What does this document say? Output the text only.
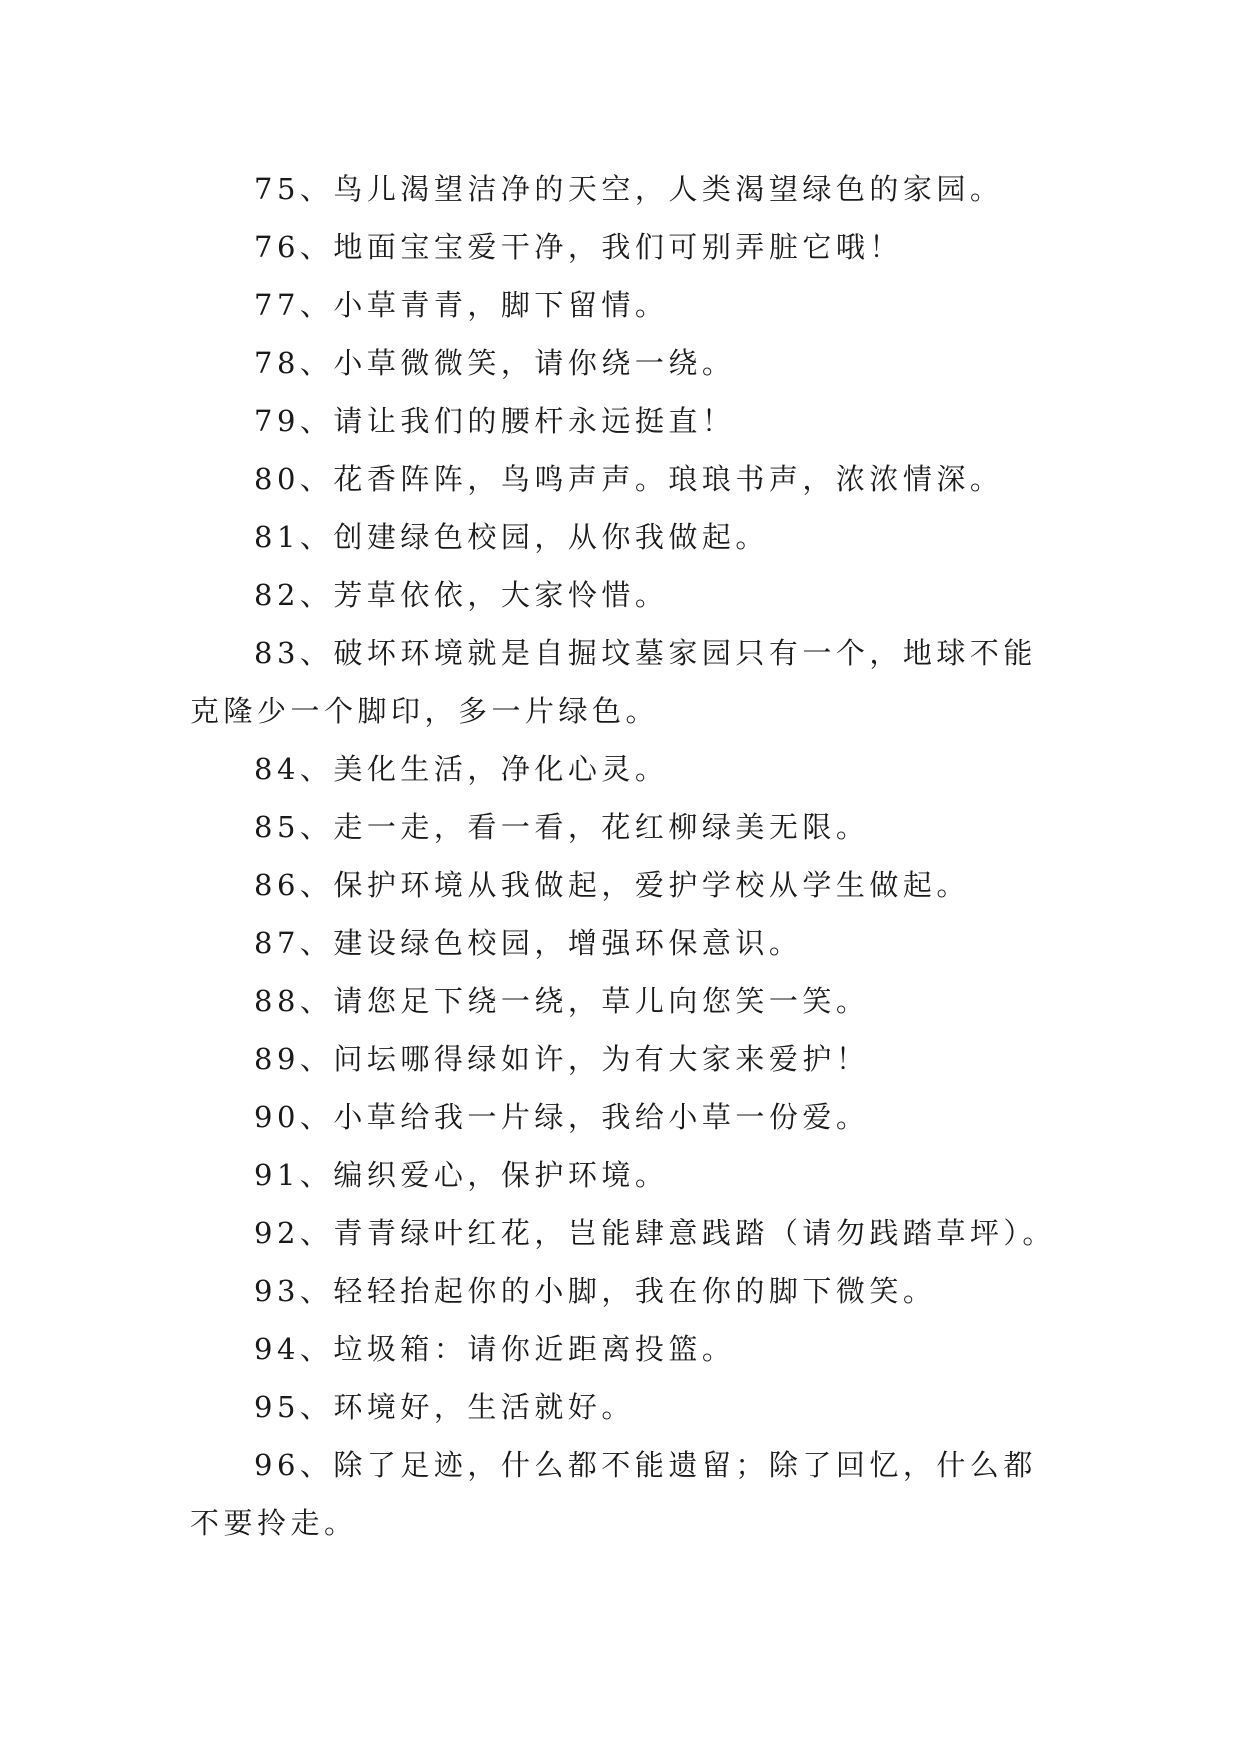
75、鸟儿渴望洁净的天空，人类渴望绿色的家园。

76、地面宝宝爱干净，我们可别弄脏它哦！

77、小草青青，脚下留情。

78、小草微微笑，请你绕一绕。

79、请让我们的腰杆永远挺直！

80、花香阵阵，鸟鸣声声。琅琅书声，浓浓情深。

81、创建绿色校园，从你我做起。

82、芳草依依，大家怜惜。

83、破坏环境就是自掘坟墓家园只有一个，地球不能克隆少一个脚印，多一片绿色。

84、美化生活，净化心灵。

85、走一走，看一看，花红柳绿美无限。

86、保护环境从我做起，爱护学校从学生做起。

87、建设绿色校园，增强环保意识。

88、请您足下绕一绕，草儿向您笑一笑。

89、问坛哪得绿如许，为有大家来爱护！

90、小草给我一片绿，我给小草一份爱。

91、编织爱心，保护环境。

92、青青绿叶红花，岂能肆意践踏（请勿践踏草坪）。

93、轻轻抬起你的小脚，我在你的脚下微笑。

94、垃圾箱：请你近距离投篮。

95、环境好，生活就好。

96、除了足迹，什么都不能遗留；除了回忆，什么都不要拎走。
